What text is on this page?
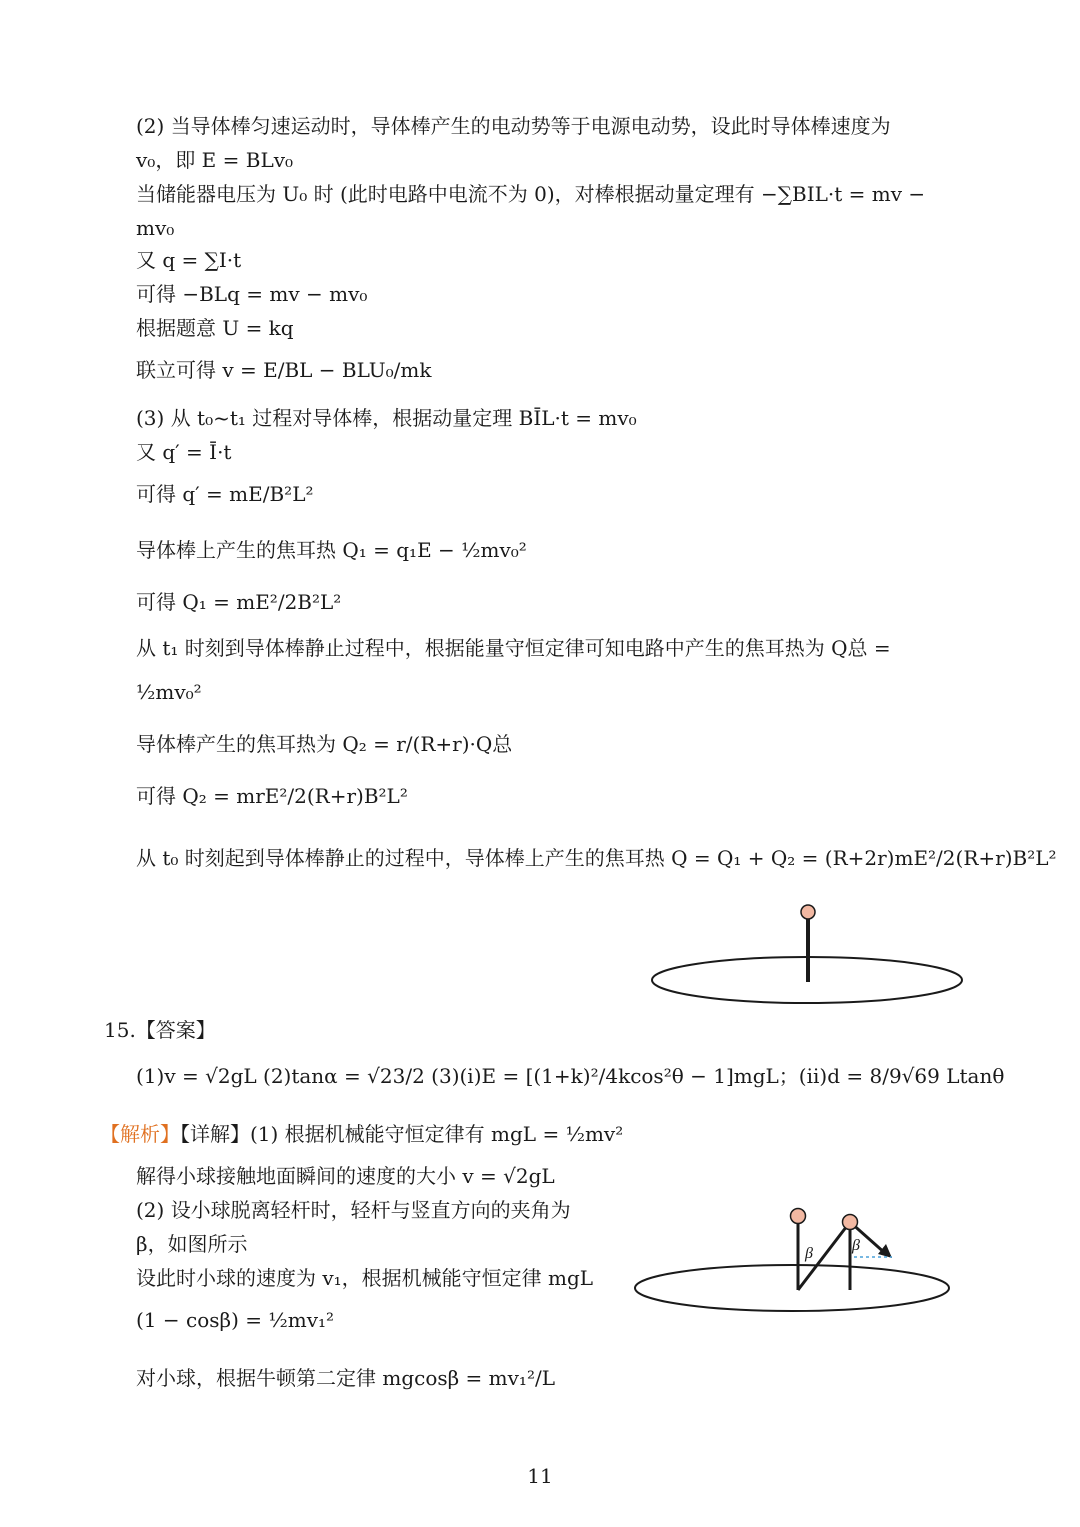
(2) 当导体棒匀速运动时，导体棒产生的电动势等于电源电动势，设此时导体棒速度为
v₀，即 E = BLv₀
当储能器电压为 U₀ 时 (此时电路中电流不为 0)，对棒根据动量定理有 −∑BIL·t = mv −
mv₀
又 q = ∑I·t
可得 −BLq = mv − mv₀
根据题意 U = kq
联立可得 v = E/BL − BLU₀/mk
(3) 从 t₀~t₁ 过程对导体棒，根据动量定理 BĪL·t = mv₀
又 q′ = Ī·t
可得 q′ = mE/B²L²
导体棒上产生的焦耳热 Q₁ = q₁E − ½mv₀²
可得 Q₁ = mE²/2B²L²
从 t₁ 时刻到导体棒静止过程中，根据能量守恒定律可知电路中产生的焦耳热为 Q总 =
½mv₀²
导体棒产生的焦耳热为 Q₂ = r/(R+r)·Q总
可得 Q₂ = mrE²/2(R+r)B²L²
从 t₀ 时刻起到导体棒静止的过程中，导体棒上产生的焦耳热 Q = Q₁ + Q₂ = (R+2r)mE²/2(R+r)B²L²
15.【答案】
(1)v = √2gL (2)tanα = √23/2 (3)(i)E = [(1+k)²/4kcos²θ − 1]mgL；(ii)d = 8/9√69 Ltanθ
【解析】【详解】(1) 根据机械能守恒定律有 mgL = ½mv²
解得小球接触地面瞬间的速度的大小 v = √2gL
(2) 设小球脱离轻杆时，轻杆与竖直方向的夹角为
β，如图所示
设此时小球的速度为 v₁，根据机械能守恒定律 mgL
(1 − cosβ) = ½mv₁²
对小球，根据牛顿第二定律 mgcosβ = mv₁²/L
β β
11
